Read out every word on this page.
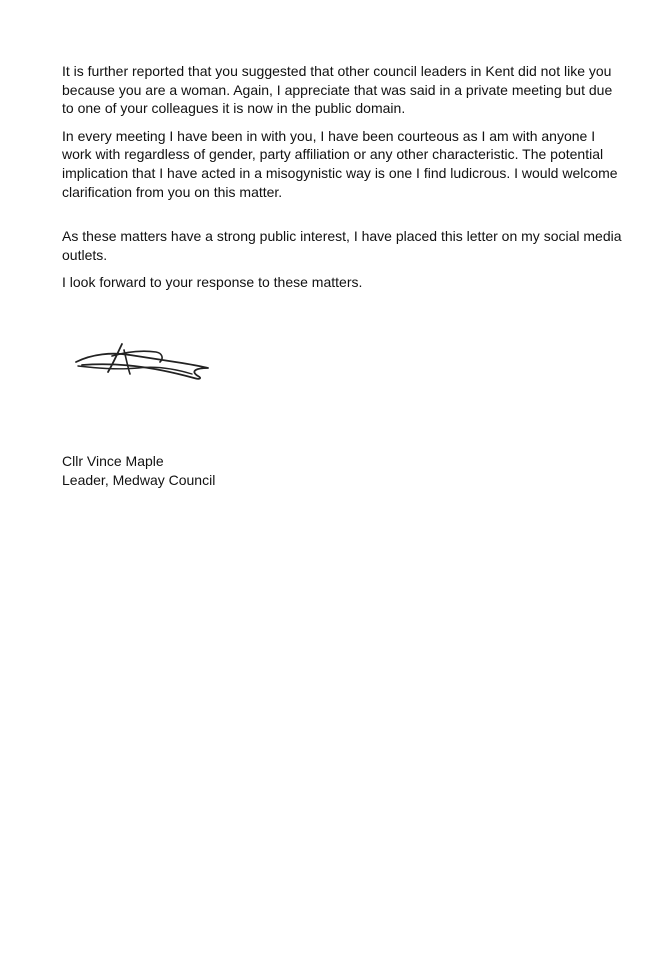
It is further reported that you suggested that other council leaders in Kent did not like you because you are a woman. Again, I appreciate that was said in a private meeting but due to one of your colleagues it is now in the public domain.

In every meeting I have been in with you, I have been courteous as I am with anyone I work with regardless of gender, party affiliation or any other characteristic. The potential implication that I have acted in a misogynistic way is one I find ludicrous. I would welcome clarification from you on this matter.

As these matters have a strong public interest, I have placed this letter on my social media outlets.

I look forward to your response to these matters.

Cllr Vince Maple
Leader, Medway Council
